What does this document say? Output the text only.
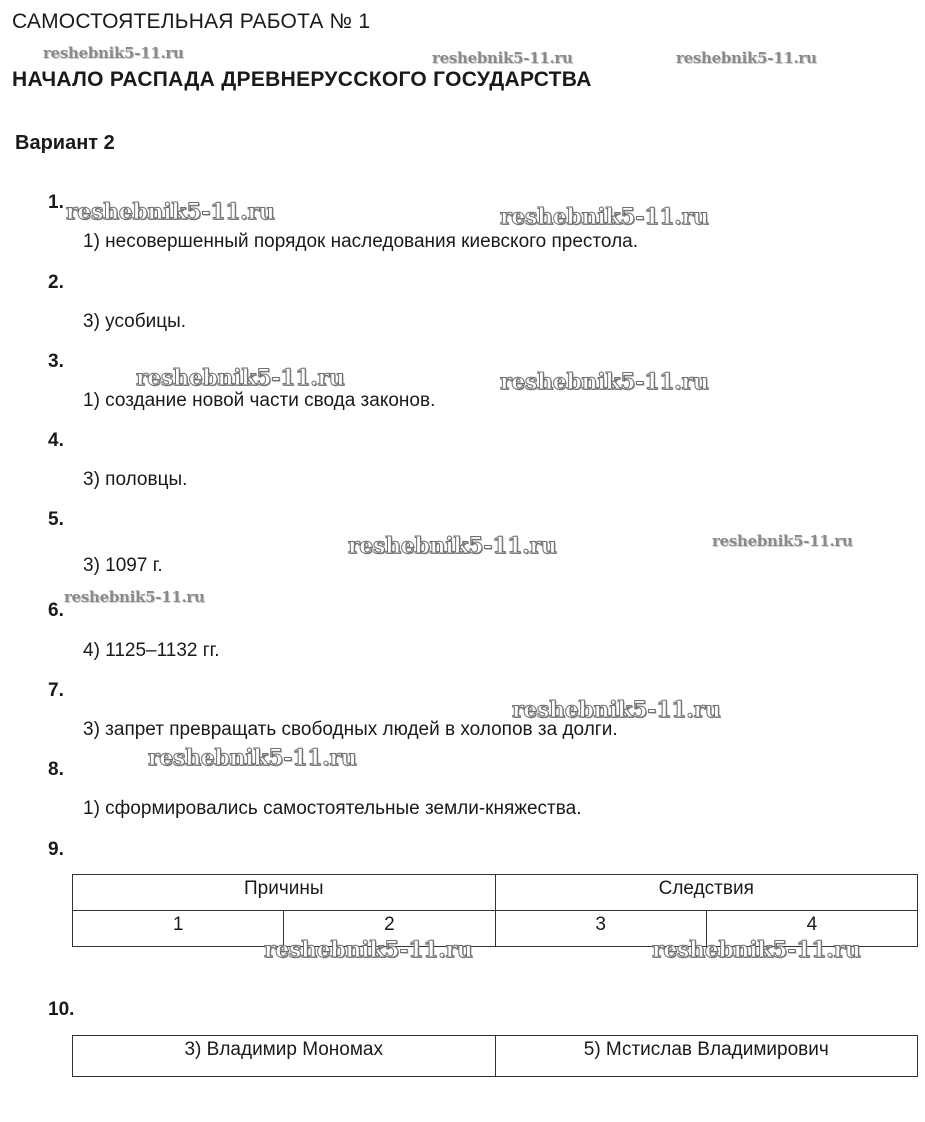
САМОСТОЯТЕЛЬНАЯ РАБОТА № 1
НАЧАЛО РАСПАДА ДРЕВНЕРУССКОГО ГОСУДАРСТВА
Вариант 2
1.
1) несовершенный порядок наследования киевского престола.
2.
3) усобицы.
3.
1) создание новой части свода законов.
4.
3) половцы.
5.
3) 1097 г.
6.
4) 1125–1132 гг.
7.
3) запрет превращать свободных людей в холопов за долги.
8.
1) сформировались самостоятельные земли-княжества.
9.
Причины		Следствия	
1	2	3	4
10.
3) Владимир Мономах	5) Мстислав Владимирович
reshebnik5-11.ru	reshebnik5-11.ru	reshebnik5-11.ru
reshebnik5-11.ru	reshebnik5-11.ru
reshebnik5-11.ru	reshebnik5-11.ru
reshebnik5-11.ru	reshebnik5-11.ru
reshebnik5-11.ru
reshebnik5-11.ru
reshebnik5-11.ru
reshebnik5-11.ru	reshebnik5-11.ru
